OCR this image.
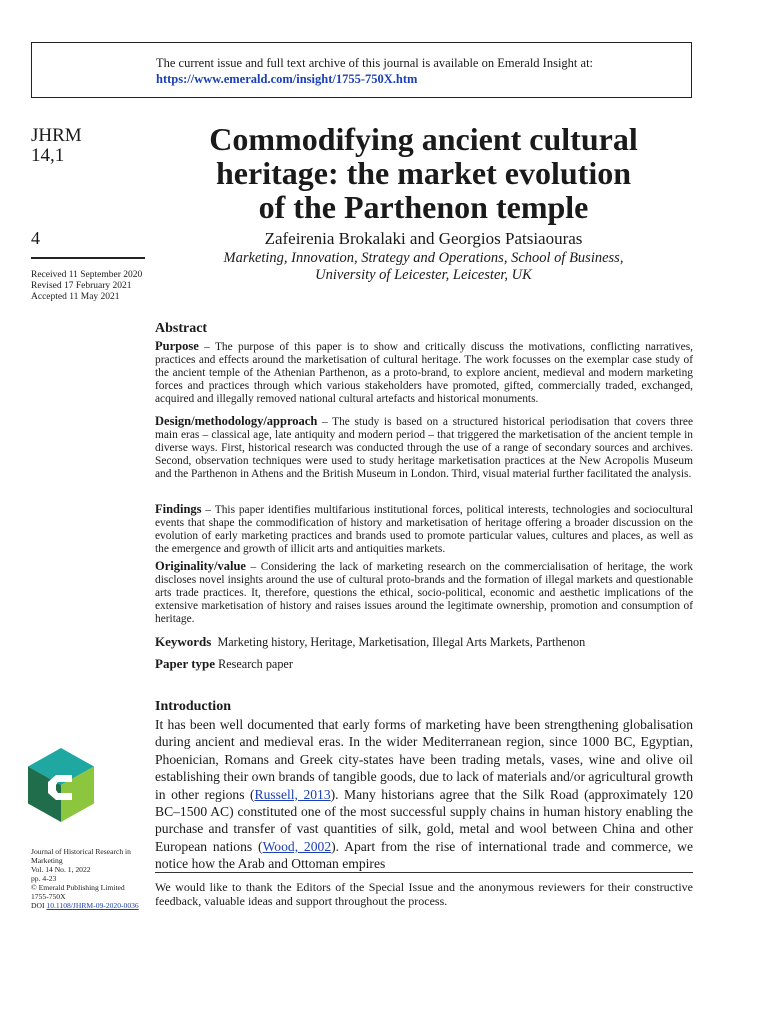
The current issue and full text archive of this journal is available on Emerald Insight at:
https://www.emerald.com/insight/1755-750X.htm
JHRM
14,1
4
Received 11 September 2020
Revised 17 February 2021
Accepted 11 May 2021
Commodifying ancient cultural
heritage: the market evolution
of the Parthenon temple
Zafeirenia Brokalaki and Georgios Patsiaouras
Marketing, Innovation, Strategy and Operations, School of Business,
University of Leicester, Leicester, UK
Abstract

Purpose – The purpose of this paper is to show and critically discuss the motivations, conflicting narratives, practices and effects around the marketisation of cultural heritage. The work focusses on the exemplar case study of the ancient temple of the Athenian Parthenon, as a proto-brand, to explore ancient, medieval and modern marketing forces and practices through which various stakeholders have promoted, gifted, commercially traded, exchanged, acquired and illegally removed national cultural artefacts and historical monuments.

Design/methodology/approach – The study is based on a structured historical periodisation that covers three main eras – classical age, late antiquity and modern period – that triggered the marketisation of the ancient temple in diverse ways. First, historical research was conducted through the use of a range of secondary sources and archives. Second, observation techniques were used to study heritage marketisation practices at the New Acropolis Museum and the Parthenon in Athens and the British Museum in London. Third, visual material further facilitated the analysis.

Findings – This paper identifies multifarious institutional forces, political interests, technologies and sociocultural events that shape the commodification of history and marketisation of heritage offering a broader discussion on the evolution of early marketing practices and brands used to promote particular values, cultures and places, as well as the emergence and growth of illicit arts and antiquities markets.

Originality/value – Considering the lack of marketing research on the commercialisation of heritage, the work discloses novel insights around the use of cultural proto-brands and the formation of illegal markets and questionable arts trade practices. It, therefore, questions the ethical, socio-political, economic and aesthetic implications of the extensive marketisation of history and raises issues around the legitimate ownership, promotion and consumption of heritage.

Keywords Marketing history, Heritage, Marketisation, Illegal Arts Markets, Parthenon
Paper type Research paper
Introduction

It has been well documented that early forms of marketing have been strengthening globalisation during ancient and medieval eras. In the wider Mediterranean region, since 1000 BC, Egyptian, Phoenician, Romans and Greek city-states have been trading metals, vases, wine and olive oil establishing their own brands of tangible goods, due to lack of materials and/or agricultural growth in other regions (Russell, 2013). Many historians agree that the Silk Road (approximately 120 BC–1500 AC) constituted one of the most successful supply chains in human history enabling the purchase and transfer of vast quantities of silk, gold, metal and wool between China and other European nations (Wood, 2002). Apart from the rise of international trade and commerce, we notice how the Arab and Ottoman empires

Journal of Historical Research in
Marketing
Vol. 14 No. 1, 2022
pp. 4-23
© Emerald Publishing Limited
1755-750X
DOI 10.1108/JHRM-09-2020-0036

We would like to thank the Editors of the Special Issue and the anonymous reviewers for their constructive feedback, valuable ideas and support throughout the process.
